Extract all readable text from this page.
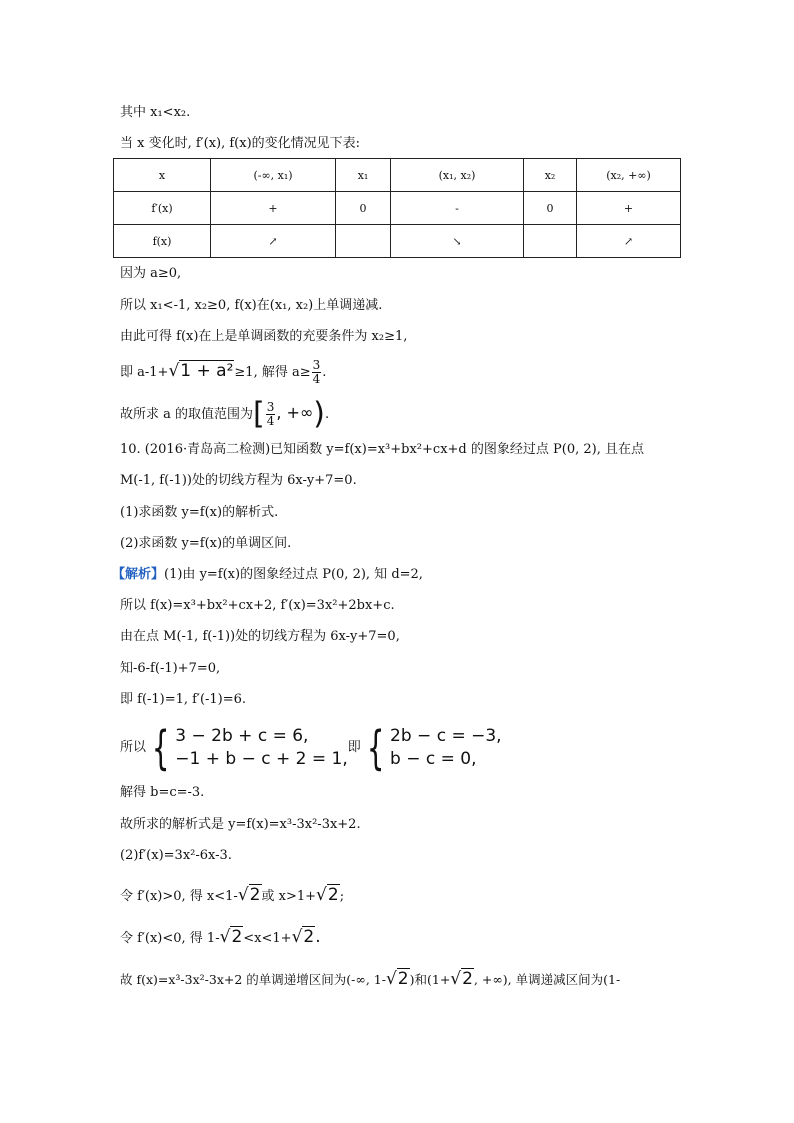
其中 x₁<x₂.
当 x 变化时, f′(x), f(x)的变化情况见下表:
x	(-∞, x₁)	x₁	(x₁, x₂)	x₂	(x₂, +∞)
f′(x)	+	0	-	0	+
f(x)	↗		↘		↗
因为 a≥0,
所以 x₁<-1, x₂≥0, f(x)在(x₁, x₂)上单调递减.
由此可得 f(x)在上是单调函数的充要条件为 x₂≥1,
即 a-1+√1 + a²≥1, 解得 $a\ge \frac{3}{4}$ .
故所求 a 的取值范围为[ $\frac{3}{4}$ , +∞).
10. (2016·青岛高二检测)已知函数 y=f(x)=x³+bx²+cx+d 的图象经过点 P(0, 2), 且在点
M(-1, f(-1))处的切线方程为 6x-y+7=0.
(1)求函数 y=f(x)的解析式.
(2)求函数 y=f(x)的单调区间.
【解析】(1)由 y=f(x)的图象经过点 P(0, 2), 知 d=2,
所以 f(x)=x³+bx²+cx+2, f′(x)=3x²+2bx+c.
由在点 M(-1, f(-1))处的切线方程为 6x-y+7=0,
知-6-f(-1)+7=0,
即 f(-1)=1, f′(-1)=6.
所以 { 3 − 2b + c = 6,
−1 + b − c + 2 = 1,
即 { 2b − c = −3,
b − c = 0,
解得 b=c=-3.
故所求的解析式是 y=f(x)=x³-3x²-3x+2.
(2)f′(x)=3x²-6x-3.
令 f′(x)>0, 得 x<1-√2或 x>1+√2;
令 f′(x)<0, 得 1-√2<x<1+√2.
故 f(x)=x³-3x²-3x+2 的单调递增区间为(-∞, 1-√2)和(1+√2, +∞), 单调递减区间为(1-
